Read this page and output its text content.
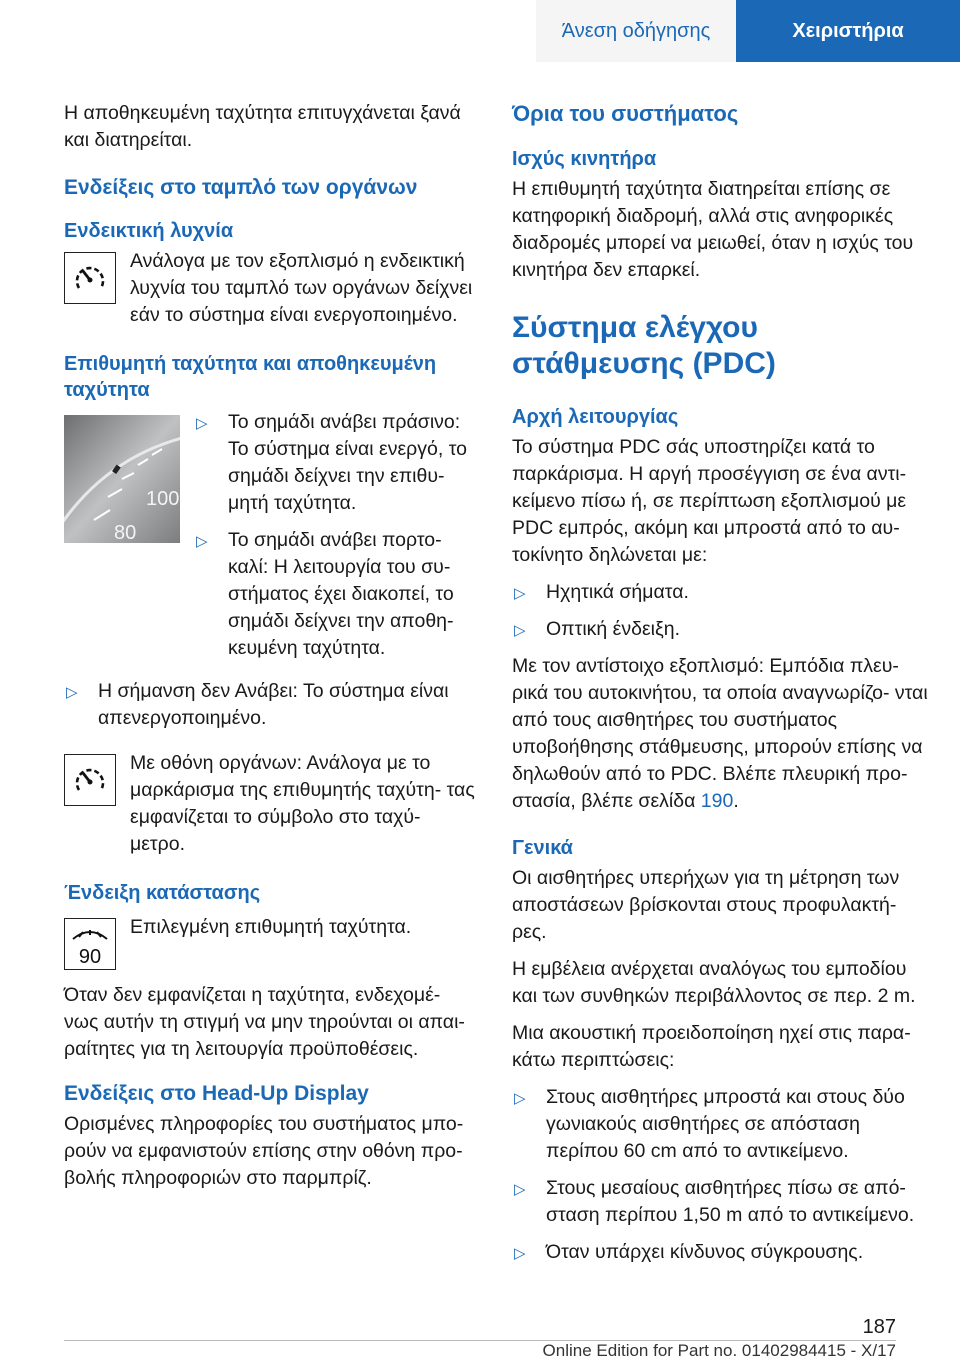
Άνεση οδήγησης	Χειριστήρια

Η αποθηκευμένη ταχύτητα επιτυγχάνεται ξανά και διατηρείται.

Ενδείξεις στο ταμπλό των οργάνων
Ενδεικτική λυχνία

Ανάλογα με τον εξοπλισμό η ενδεικτική λυχνία του ταμπλό των οργάνων δείχνει εάν το σύστημα είναι ενεργοποιημένο.

Επιθυμητή ταχύτητα και αποθηκευμένη ταχύτητα
100
80
▷ Το σημάδι ανάβει πράσινο: Το σύστημα είναι ενεργό, το σημάδι δείχνει την επιθυ- μητή ταχύτητα.
▷ Το σημάδι ανάβει πορτο- καλί: Η λειτουργία του συ- στήματος έχει διακοπεί, το σημάδι δείχνει την αποθη- κευμένη ταχύτητα.
▷ Η σήμανση δεν Ανάβει: Το σύστημα είναι απενεργοποιημένο.

Με οθόνη οργάνων: Ανάλογα με το μαρκάρισμα της επιθυμητής ταχύτη- τας εμφανίζεται το σύμβολο στο ταχύ- μετρο.

Ένδειξη κατάστασης
90

Επιλεγμένη επιθυμητή ταχύτητα.

Όταν δεν εμφανίζεται η ταχύτητα, ενδεχομέ- νως αυτήν τη στιγμή να μην τηρούνται οι απαι- ραίτητες για τη λειτουργία προϋποθέσεις.

Ενδείξεις στο Head-Up Display

Ορισμένες πληροφορίες του συστήματος μπο- ρούν να εμφανιστούν επίσης στην οθόνη προ- βολής πληροφοριών στο παρμπρίζ.

Όρια του συστήματος
Ισχύς κινητήρα

Η επιθυμητή ταχύτητα διατηρείται επίσης σε κατηφορική διαδρομή, αλλά στις ανηφορικές διαδρομές μπορεί να μειωθεί, όταν η ισχύς του κινητήρα δεν επαρκεί.

Σύστημα ελέγχου στάθμευσης (PDC)
Αρχή λειτουργίας

Το σύστημα PDC σάς υποστηρίζει κατά το παρκάρισμα. Η αργή προσέγγιση σε ένα αντι- κείμενο πίσω ή, σε περίπτωση εξοπλισμού με PDC εμπρός, ακόμη και μπροστά από το αυ- τοκίνητο δηλώνεται με:

▷ Ηχητικά σήματα.
▷ Οπτική ένδειξη.

Με τον αντίστοιχο εξοπλισμό: Εμπόδια πλευ- ρικά του αυτοκινήτου, τα οποία αναγνωρίζο- νται από τους αισθητήρες του συστήματος υποβοήθησης στάθμευσης, μπορούν επίσης να δηλωθούν από το PDC. Βλέπε πλευρική προ- στασία, βλέπε σελίδα 190.

Γενικά

Οι αισθητήρες υπερήχων για τη μέτρηση των αποστάσεων βρίσκονται στους προφυλακτή- ρες.

Η εμβέλεια ανέρχεται αναλόγως του εμποδίου και των συνθηκών περιβάλλοντος σε περ. 2 m.

Μια ακουστική προειδοποίηση ηχεί στις παρα- κάτω περιπτώσεις:

▷ Στους αισθητήρες μπροστά και στους δύο γωνιακούς αισθητήρες σε απόσταση περίπου 60 cm από το αντικείμενο.
▷ Στους μεσαίους αισθητήρες πίσω σε από- σταση περίπου 1,50 m από το αντικείμενο.
▷ Όταν υπάρχει κίνδυνος σύγκρουσης.
187
Online Edition for Part no. 01402984415 - X/17
